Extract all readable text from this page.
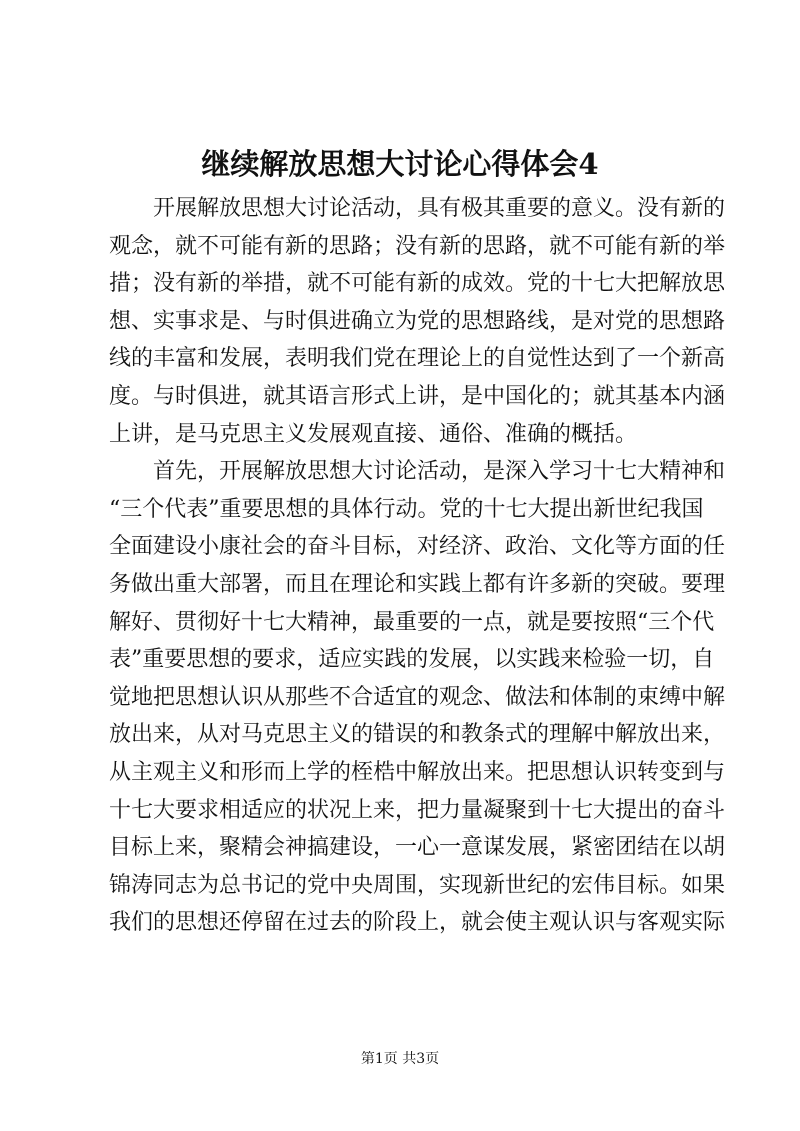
继续解放思想大讨论心得体会4

开展解放思想大讨论活动，具有极其重要的意义。没有新的
观念，就不可能有新的思路；没有新的思路，就不可能有新的举
措；没有新的举措，就不可能有新的成效。党的十七大把解放思
想、实事求是、与时俱进确立为党的思想路线，是对党的思想路
线的丰富和发展，表明我们党在理论上的自觉性达到了一个新高
度。与时俱进，就其语言形式上讲，是中国化的；就其基本内涵
上讲，是马克思主义发展观直接、通俗、准确的概括。

首先，开展解放思想大讨论活动，是深入学习十七大精神和
“三个代表”重要思想的具体行动。党的十七大提出新世纪我国
全面建设小康社会的奋斗目标，对经济、政治、文化等方面的任
务做出重大部署，而且在理论和实践上都有许多新的突破。要理
解好、贯彻好十七大精神，最重要的一点，就是要按照“三个代
表”重要思想的要求，适应实践的发展，以实践来检验一切，自
觉地把思想认识从那些不合适宜的观念、做法和体制的束缚中解
放出来，从对马克思主义的错误的和教条式的理解中解放出来，
从主观主义和形而上学的桎梏中解放出来。把思想认识转变到与
十七大要求相适应的状况上来，把力量凝聚到十七大提出的奋斗
目标上来，聚精会神搞建设，一心一意谋发展，紧密团结在以胡
锦涛同志为总书记的党中央周围，实现新世纪的宏伟目标。如果
我们的思想还停留在过去的阶段上，就会使主观认识与客观实际

第1页 共3页
